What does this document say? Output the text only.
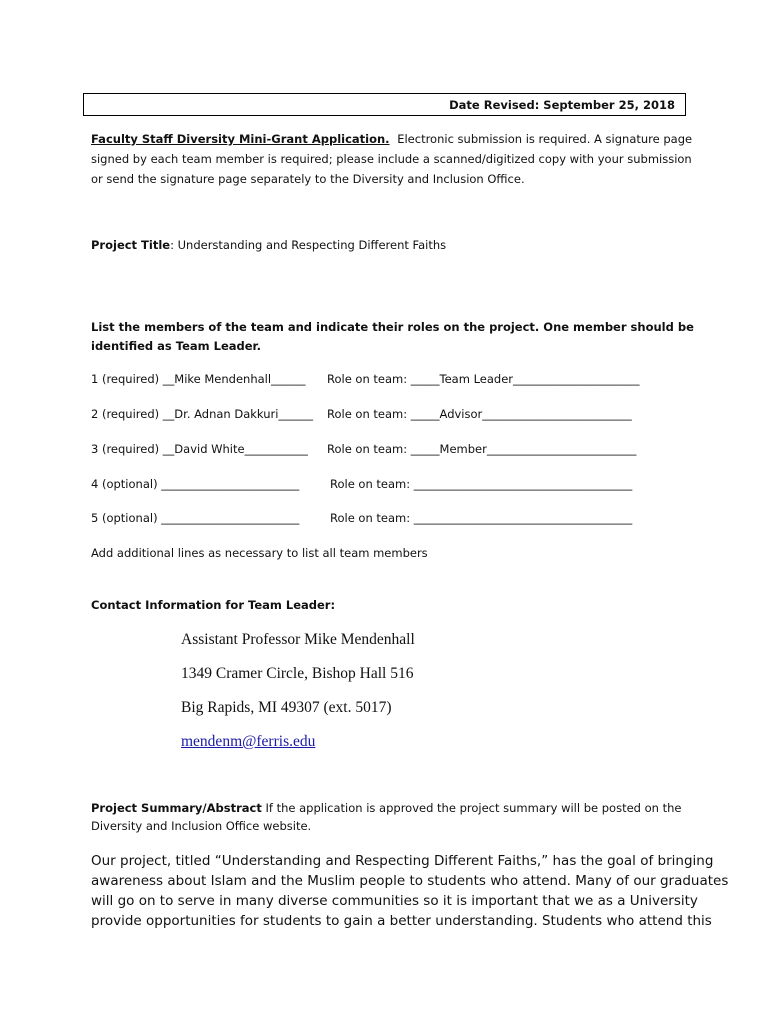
Date Revised: September 25, 2018
Faculty Staff Diversity Mini-Grant Application. Electronic submission is required. A signature page
signed by each team member is required; please include a scanned/digitized copy with your submission
or send the signature page separately to the Diversity and Inclusion Office.
Project Title: Understanding and Respecting Different Faiths
List the members of the team and indicate their roles on the project. One member should be
identified as Team Leader.
1 (required) __Mike Mendenhall______ Role on team: _____Team Leader______________________
2 (required) __Dr. Adnan Dakkuri______ Role on team: _____Advisor__________________________
3 (required) __David White___________ Role on team: _____Member__________________________
4 (optional) ________________________	Role on team: ______________________________________
5 (optional) ________________________	Role on team: ______________________________________
Add additional lines as necessary to list all team members
Contact Information for Team Leader:
Assistant Professor Mike Mendenhall
1349 Cramer Circle, Bishop Hall 516
Big Rapids, MI 49307 (ext. 5017)
mendenm@ferris.edu
Project Summary/Abstract If the application is approved the project summary will be posted on the
Diversity and Inclusion Office website.
Our project, titled “Understanding and Respecting Different Faiths,” has the goal of bringing
awareness about Islam and the Muslim people to students who attend. Many of our graduates
will go on to serve in many diverse communities so it is important that we as a University
provide opportunities for students to gain a better understanding. Students who attend this
